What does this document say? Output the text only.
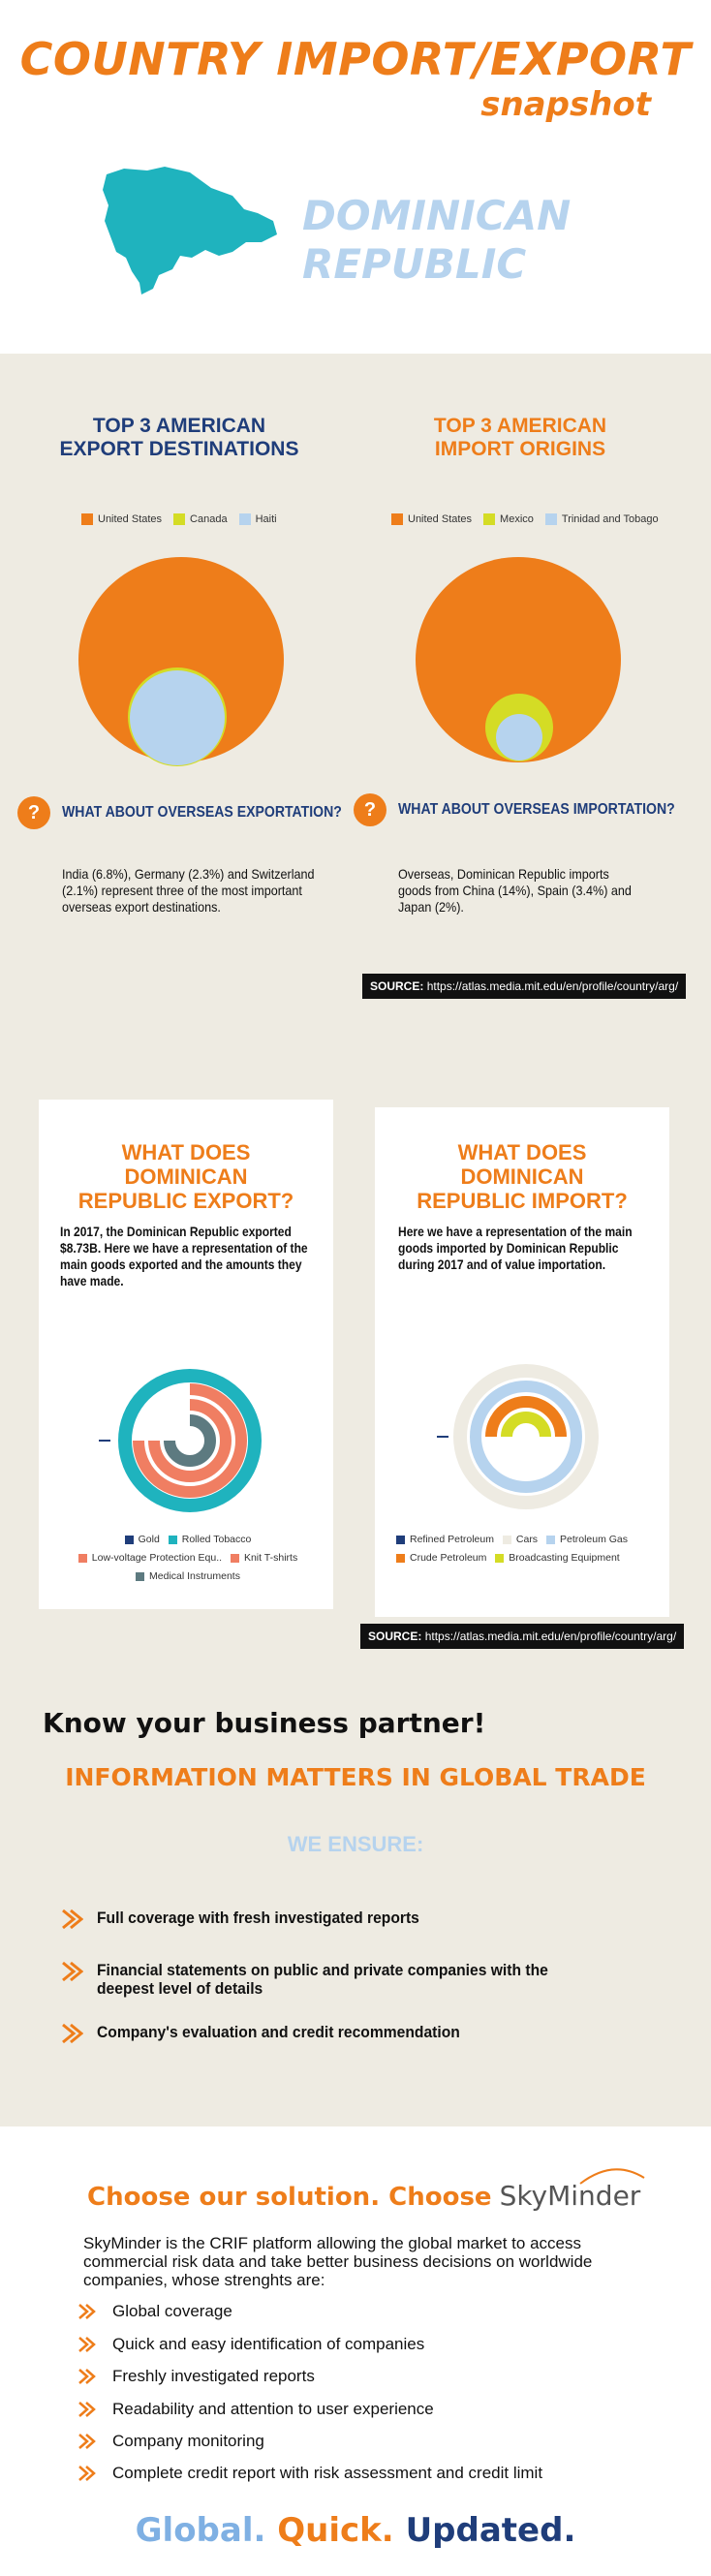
COUNTRY IMPORT/EXPORT
snapshot
DOMINICAN
REPUBLIC
TOP 3 AMERICAN
EXPORT DESTINATIONS
United States	Canada	Haiti
TOP 3 AMERICAN
IMPORT ORIGINS
United States	Mexico	Trinidad and Tobago
?	WHAT ABOUT OVERSEAS EXPORTATION?	?	WHAT ABOUT OVERSEAS IMPORTATION?
India (6.8%), Germany (2.3%) and Switzerland (2.1%) represent three of the most important overseas export destinations.
Overseas, Dominican Republic imports goods from China (14%), Spain (3.4%) and Japan (2%).
SOURCE: https://atlas.media.mit.edu/en/profile/country/arg/
WHAT DOES
DOMINICAN
REPUBLIC EXPORT?
In 2017, the Dominican Republic exported $8.73B. Here we have a representation of the main goods exported and the amounts they have made.
Gold
Rolled Tobacco

Low-voltage Protection Equ..
Knit T-shirts

Medical Instruments
WHAT DOES
DOMINICAN
REPUBLIC IMPORT?
Here we have a representation of the main goods imported by Dominican Republic during 2017 and of value importation.
Refined Petroleum
Cars
Petroleum Gas

Crude Petroleum
Broadcasting Equipment
SOURCE: https://atlas.media.mit.edu/en/profile/country/arg/
Know your business partner!
INFORMATION MATTERS IN GLOBAL TRADE
WE ENSURE:
Full coverage with fresh investigated reports
Financial statements on public and private companies with the deepest level of details
Company's evaluation and credit recommendation
Choose our solution. Choose SkyMinder
SkyMinder is the CRIF platform allowing the global market to access commercial risk data and take better business decisions on worldwide companies, whose strenghts are:
Global coverage
Quick and easy identification of companies
Freshly investigated reports
Readability and attention to user experience
Company monitoring
Complete credit report with risk assessment and credit limit
Global. Quick. Updated.
